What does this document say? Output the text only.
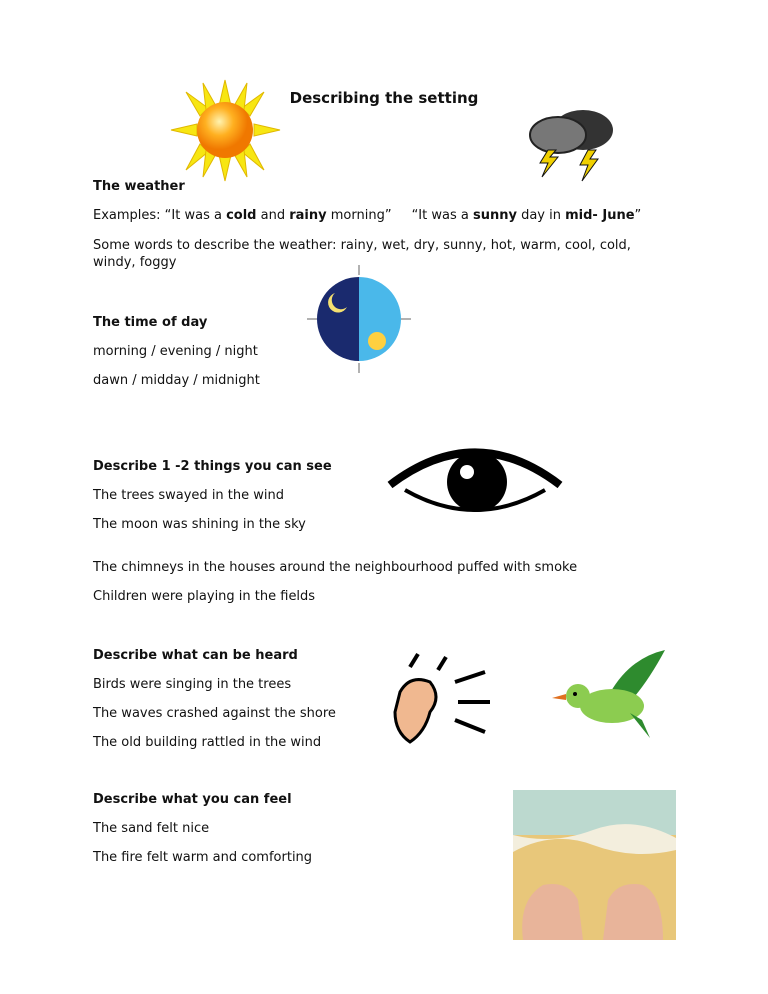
Describing the setting
The weather
Examples: “It was a cold and rainy morning” “It was a sunny day in mid- June”
Some words to describe the weather: rainy, wet, dry, sunny, hot, warm, cool, cold,
windy, foggy
The time of day
morning / evening / night
dawn / midday / midnight
Describe 1 -2 things you can see
The trees swayed in the wind
The moon was shining in the sky
The chimneys in the houses around the neighbourhood puffed with smoke
Children were playing in the fields
Describe what can be heard
Birds were singing in the trees
The waves crashed against the shore
The old building rattled in the wind
Describe what you can feel
The sand felt nice
The fire felt warm and comforting
